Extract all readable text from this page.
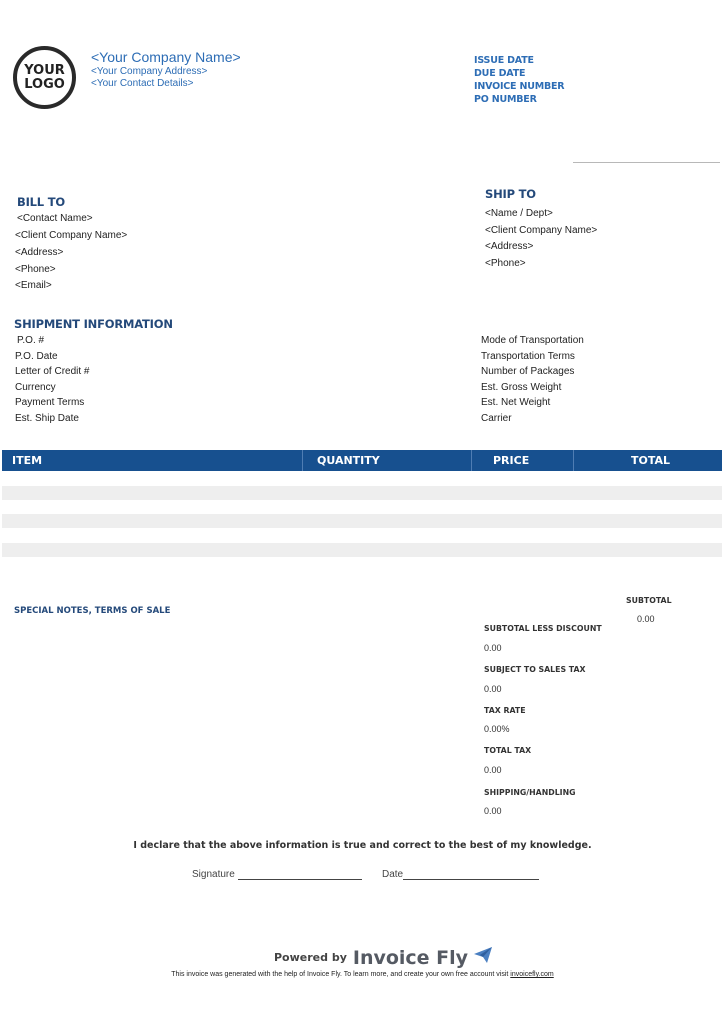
YOUR
LOGO
<Your Company Name>
<Your Company Address>
<Your Contact Details>
ISSUE DATE
DUE DATE
INVOICE NUMBER
PO NUMBER
BILL TO
<Contact Name>
<Client Company Name>
<Address>
<Phone>
<Email>
SHIP TO
<Name / Dept>
<Client Company Name>
<Address>
<Phone>
SHIPMENT INFORMATION
P.O. #
P.O. Date
Letter of Credit #
Currency
Payment Terms
Est. Ship Date
Mode of Transportation
Transportation Terms
Number of Packages
Est. Gross Weight
Est. Net Weight
Carrier
ITEM	QUANTITY	PRICE	TOTAL
SPECIAL NOTES, TERMS OF SALE
SUBTOTAL
0.00
SUBTOTAL LESS DISCOUNT
0.00
SUBJECT TO SALES TAX
0.00
TAX RATE
0.00%
TOTAL TAX
0.00
SHIPPING/HANDLING
0.00
I declare that the above information is true and correct to the best of my knowledge.
Signature	Date
Powered by Invoice Fly
This invoice was generated with the help of Invoice Fly. To learn more, and create your own free account visit invoicefly.com
